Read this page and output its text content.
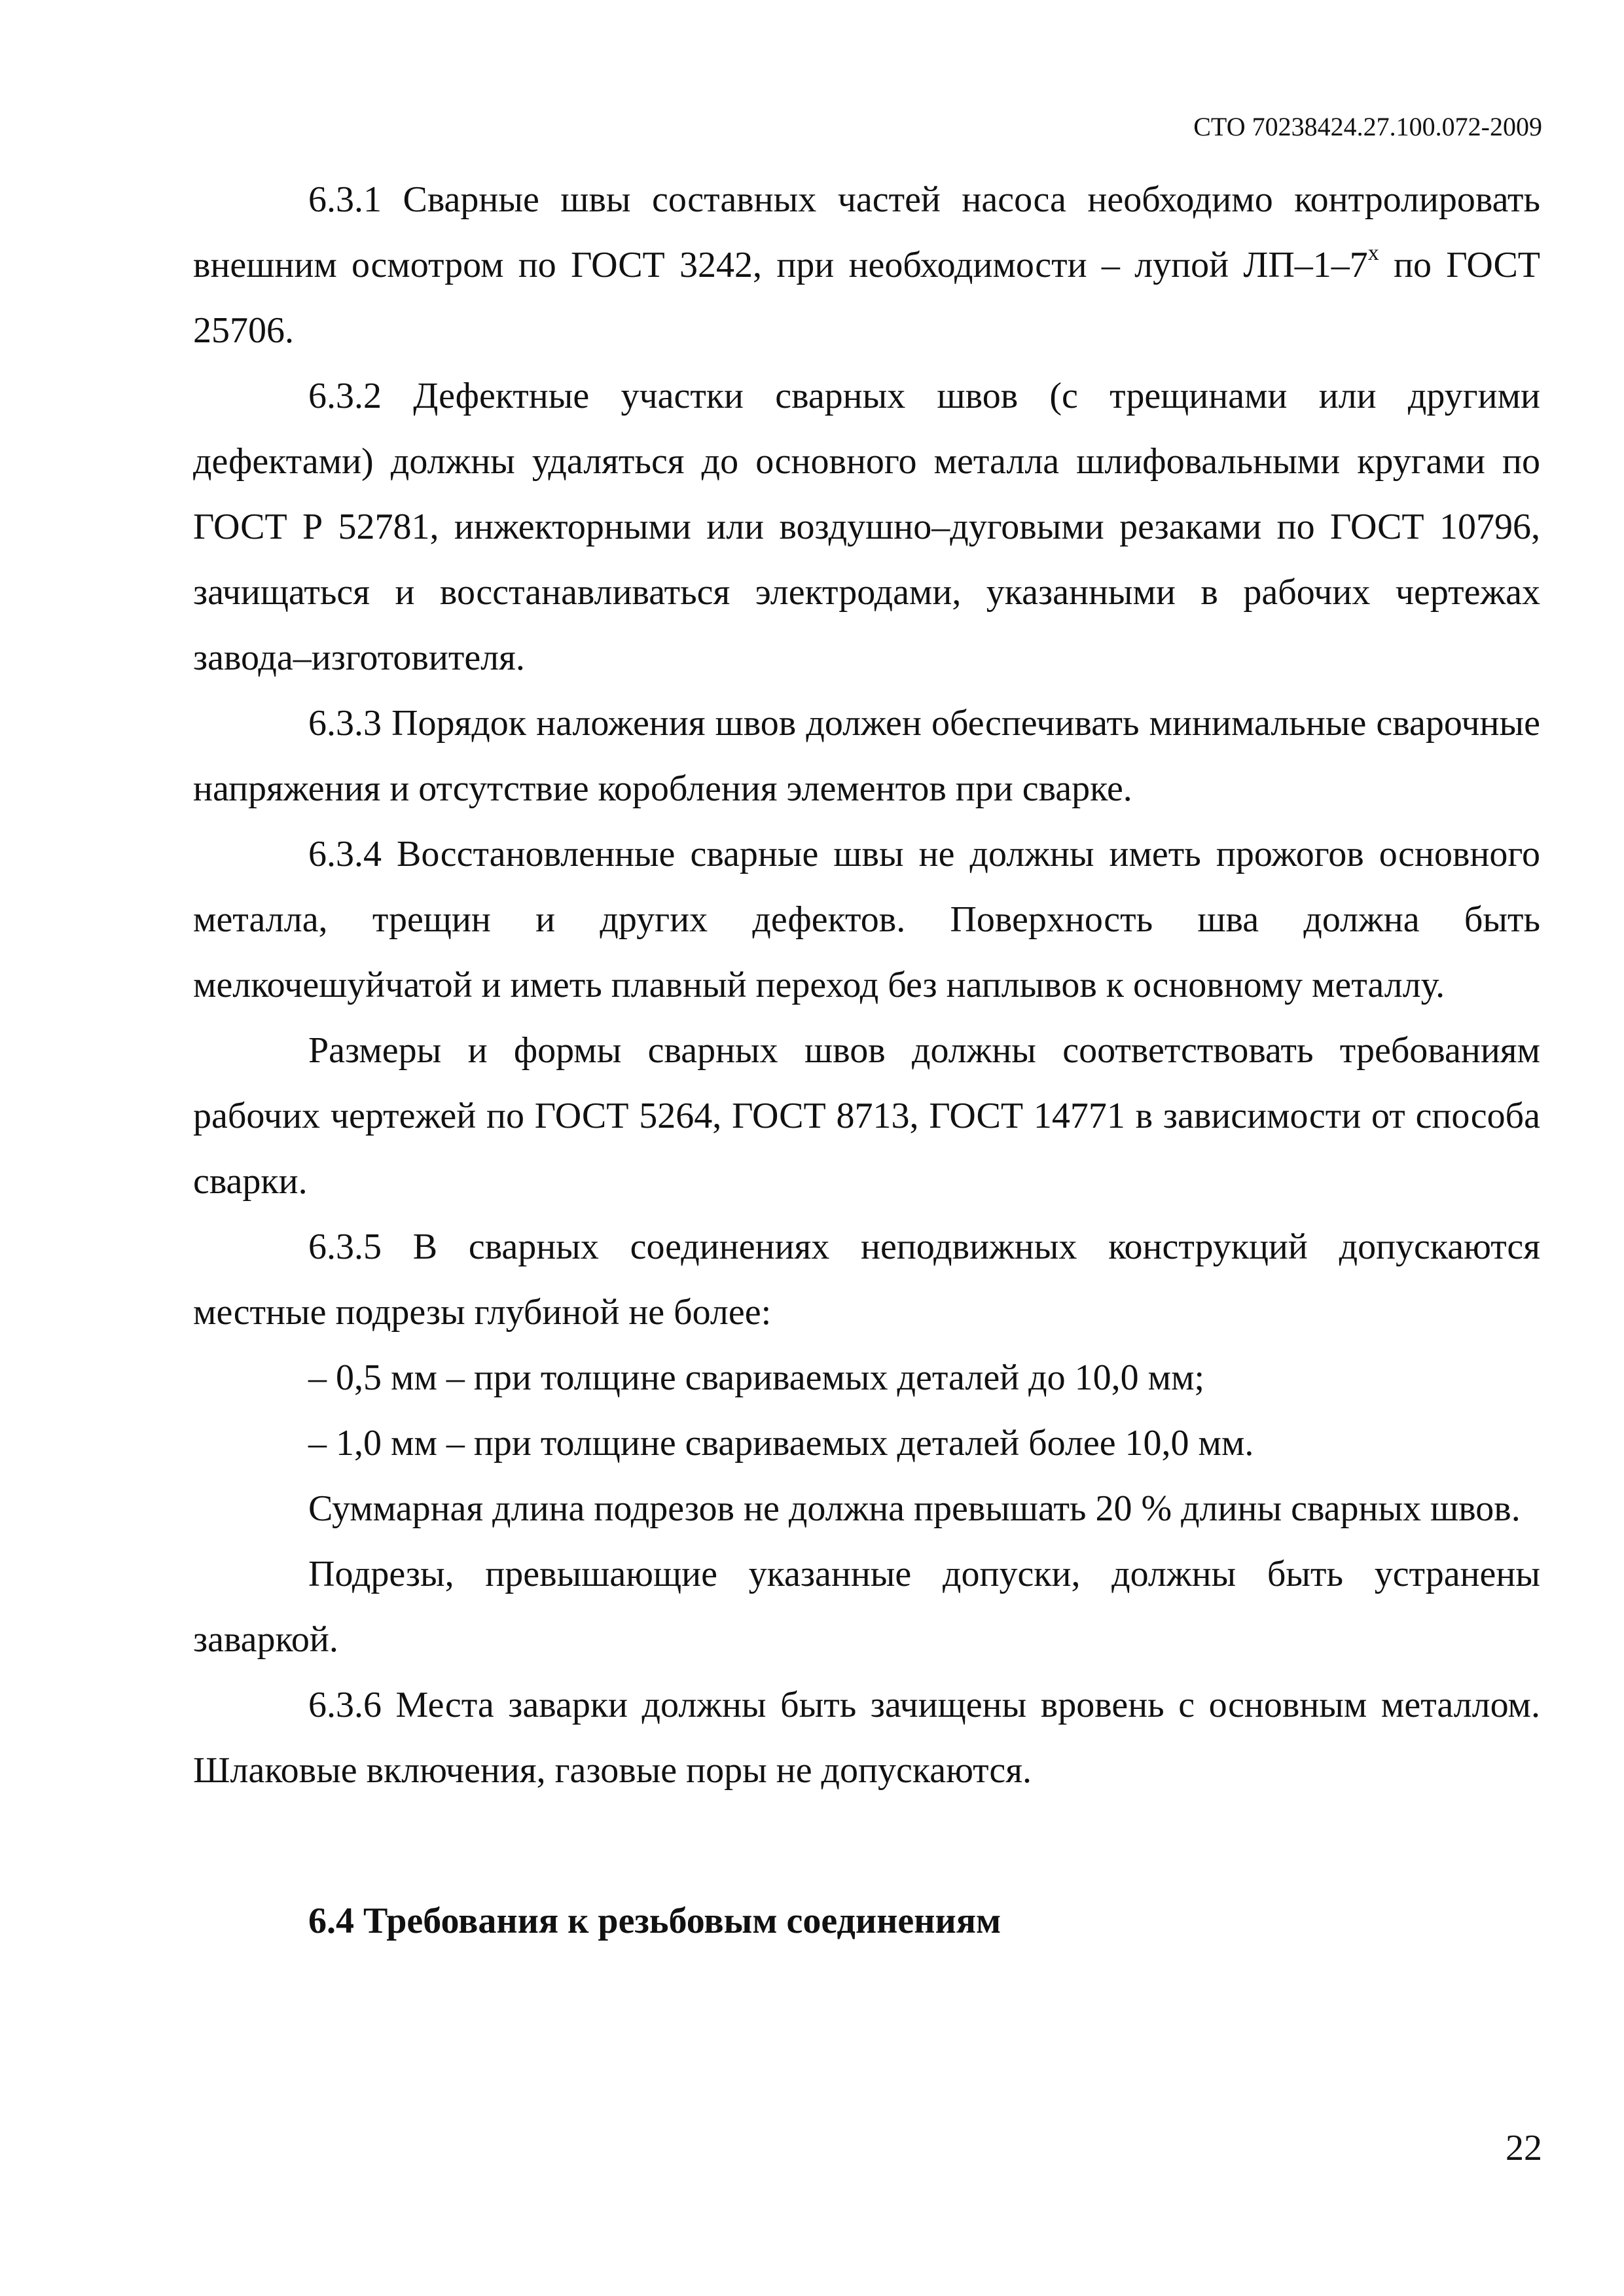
СТО 70238424.27.100.072-2009

6.3.1 Сварные швы составных частей насоса необходимо контролировать внешним осмотром по ГОСТ 3242, при необходимости – лупой $ЛП-1-7^х$ по ГОСТ 25706.

6.3.2 Дефектные участки сварных швов (с трещинами или другими дефектами) должны удаляться до основного металла шлифовальными кругами по ГОСТ Р 52781, инжекторными или воздушно–дуговыми резаками по ГОСТ 10796, зачищаться и восстанавливаться электродами, указанными в рабочих чертежах завода–изготовителя.

6.3.3 Порядок наложения швов должен обеспечивать минимальные сварочные напряжения и отсутствие коробления элементов при сварке.

6.3.4 Восстановленные сварные швы не должны иметь прожогов основного металла, трещин и других дефектов. Поверхность шва должна быть мелкочешуйчатой и иметь плавный переход без наплывов к основному металлу.

Размеры и формы сварных швов должны соответствовать требованиям рабочих чертежей по ГОСТ 5264, ГОСТ 8713, ГОСТ 14771 в зависимости от способа сварки.

6.3.5 В сварных соединениях неподвижных конструкций допускаются местные подрезы глубиной не более:

– 0,5 мм – при толщине свариваемых деталей до 10,0 мм;

– 1,0 мм – при толщине свариваемых деталей более 10,0 мм.

Суммарная длина подрезов не должна превышать 20 % длины сварных швов.

Подрезы, превышающие указанные допуски, должны быть устранены заваркой.

6.3.6 Места заварки должны быть зачищены вровень с основным металлом. Шлаковые включения, газовые поры не допускаются.

6.4 Требования к резьбовым соединениям
22
